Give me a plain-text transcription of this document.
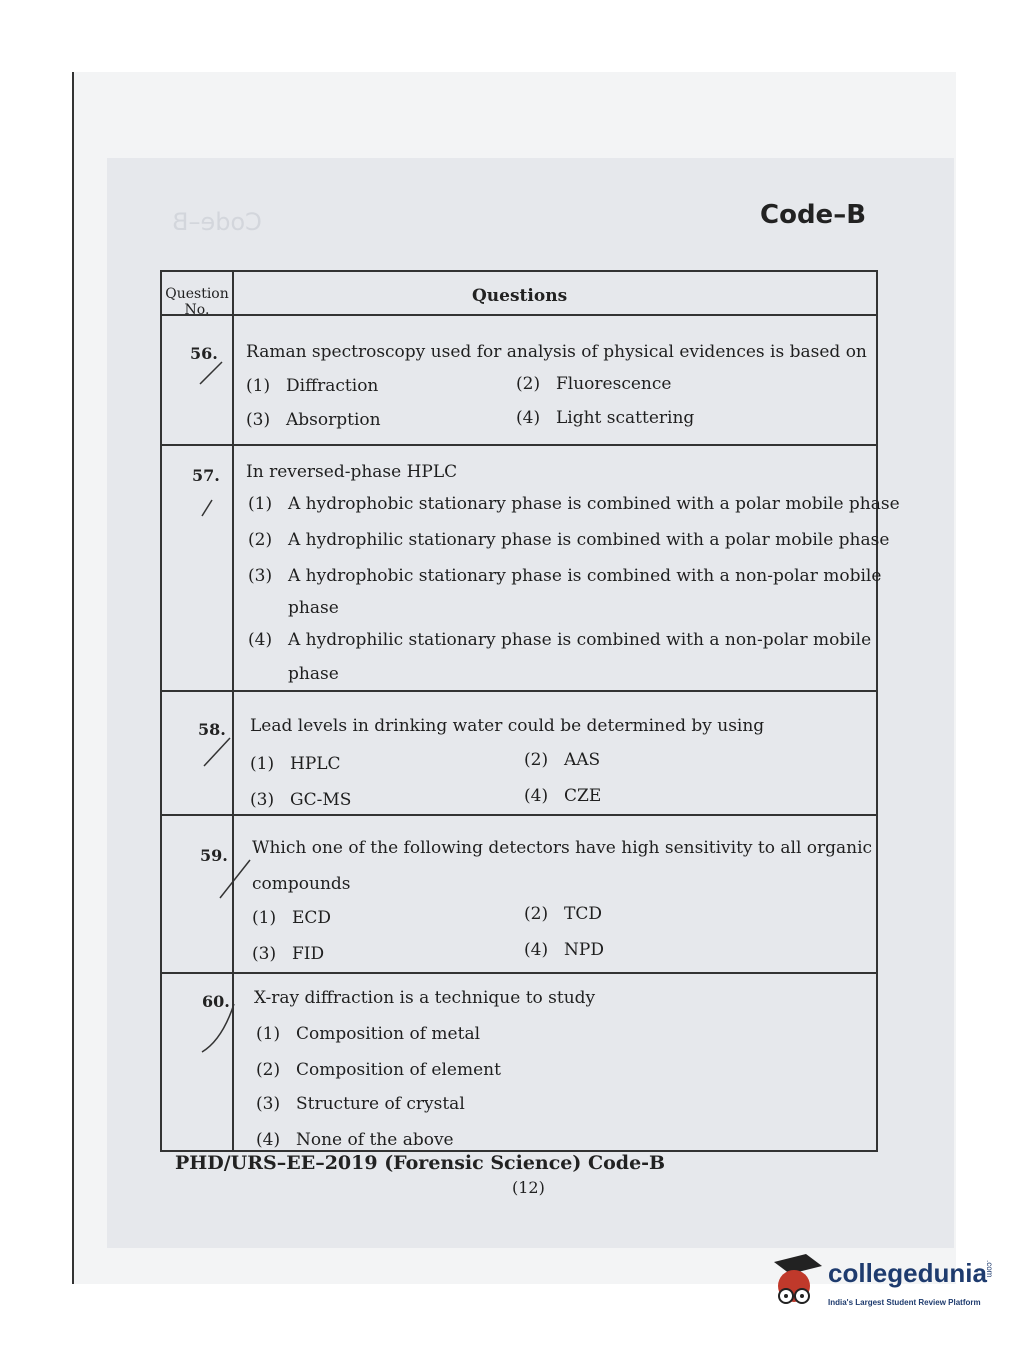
Code–B	Code–B
Question No.
Questions
56. Raman spectroscopy used for analysis of physical evidences is based on
(1) Diffraction	(2) Fluorescence
(3) Absorption	(4) Light scattering
57. In reversed-phase HPLC
(1) A hydrophobic stationary phase is combined with a polar mobile phase
(2) A hydrophilic stationary phase is combined with a polar mobile phase
(3) A hydrophobic stationary phase is combined with a non-polar mobile
phase
(4) A hydrophilic stationary phase is combined with a non-polar mobile
phase
58. Lead levels in drinking water could be determined by using
(1) HPLC	(2) AAS
(3) GC-MS	(4) CZE
59. Which one of the following detectors have high sensitivity to all organic
compounds
(1) ECD	(2) TCD
(3) FID	(4) NPD
60. X-ray diffraction is a technique to study
(1) Composition of metal
(2) Composition of element
(3) Structure of crystal
(4) None of the above
PHD/URS–EE–2019 (Forensic Science) Code-B
(12)
collegedunia
.com
India's Largest Student Review Platform
